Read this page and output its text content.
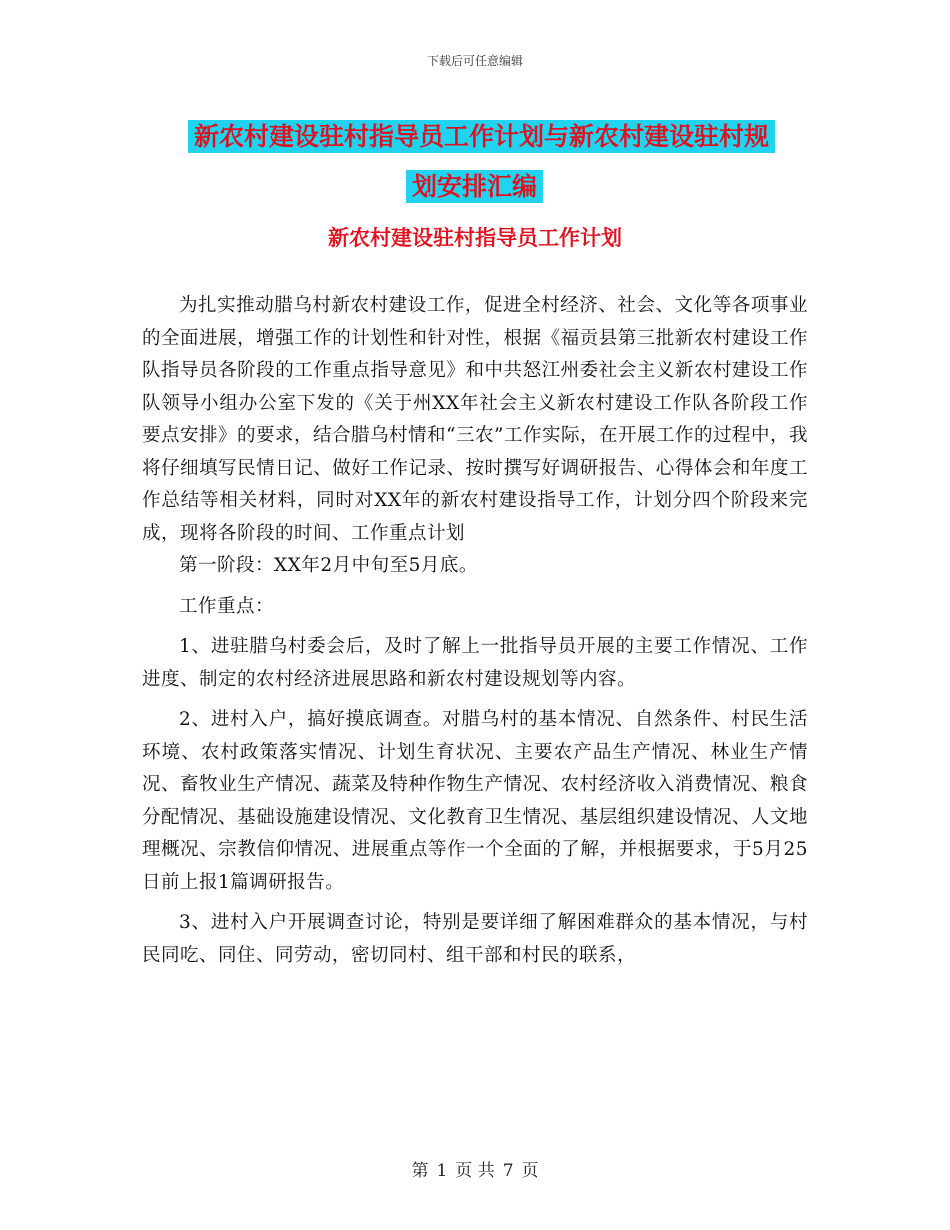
下载后可任意编辑
新农村建设驻村指导员工作计划与新农村建设驻村规
划安排汇编
新农村建设驻村指导员工作计划

为扎实推动腊乌村新农村建设工作，促进全村经济、社会、文化等各项事业的全面进展，增强工作的计划性和针对性，根据《福贡县第三批新农村建设工作队指导员各阶段的工作重点指导意见》和中共怒江州委社会主义新农村建设工作队领导小组办公室下发的《关于州XX年社会主义新农村建设工作队各阶段工作要点安排》的要求，结合腊乌村情和“三农”工作实际，在开展工作的过程中，我将仔细填写民情日记、做好工作记录、按时撰写好调研报告、心得体会和年度工作总结等相关材料，同时对XX年的新农村建设指导工作，计划分四个阶段来完成，现将各阶段的时间、工作重点计划

第一阶段：XX年2月中旬至5月底。

工作重点：

1、进驻腊乌村委会后，及时了解上一批指导员开展的主要工作情况、工作进度、制定的农村经济进展思路和新农村建设规划等内容。

2、进村入户，搞好摸底调查。对腊乌村的基本情况、自然条件、村民生活环境、农村政策落实情况、计划生育状况、主要农产品生产情况、林业生产情况、畜牧业生产情况、蔬菜及特种作物生产情况、农村经济收入消费情况、粮食分配情况、基础设施建设情况、文化教育卫生情况、基层组织建设情况、人文地理概况、宗教信仰情况、进展重点等作一个全面的了解，并根据要求，于5月25日前上报1篇调研报告。

3、进村入户开展调查讨论，特别是要详细了解困难群众的基本情况，与村民同吃、同住、同劳动，密切同村、组干部和村民的联系，

第 1 页 共 7 页
